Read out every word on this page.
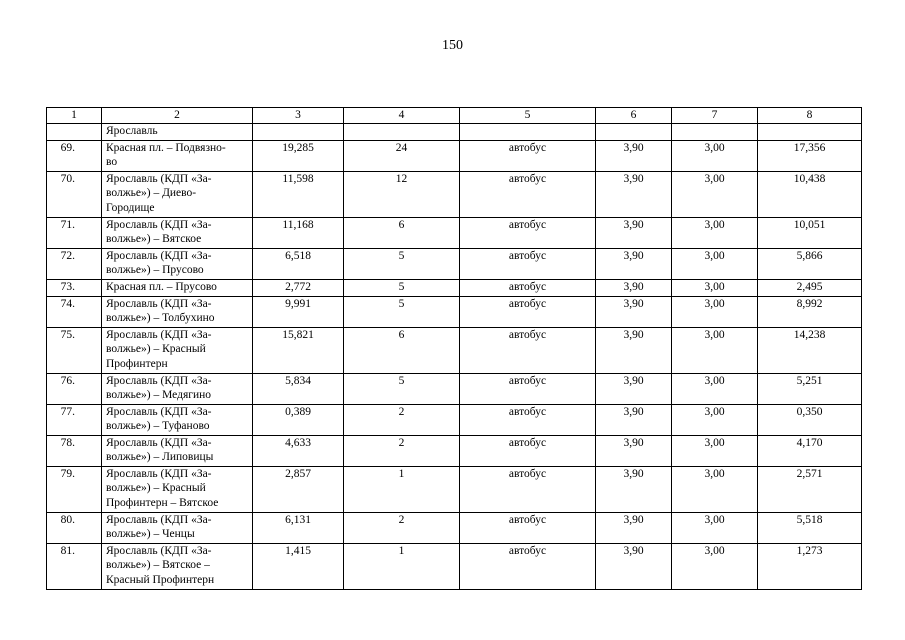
150
1	2	3	4	5	6	7	8
	Ярославль						
69.	Красная пл. – Подвязно-
во	19,285	24	автобус	3,90	3,00	17,356
70.	Ярославль (КДП «За-
волжье») – Диево-
Городище	11,598	12	автобус	3,90	3,00	10,438
71.	Ярославль (КДП «За-
волжье») – Вятское	11,168	6	автобус	3,90	3,00	10,051
72.	Ярославль (КДП «За-
волжье») – Прусово	6,518	5	автобус	3,90	3,00	5,866
73.	Красная пл. – Прусово	2,772	5	автобус	3,90	3,00	2,495
74.	Ярославль (КДП «За-
волжье») – Толбухино	9,991	5	автобус	3,90	3,00	8,992
75.	Ярославль (КДП «За-
волжье») – Красный
Профинтерн	15,821	6	автобус	3,90	3,00	14,238
76.	Ярославль (КДП «За-
волжье») – Медягино	5,834	5	автобус	3,90	3,00	5,251
77.	Ярославль (КДП «За-
волжье») – Туфаново	0,389	2	автобус	3,90	3,00	0,350
78.	Ярославль (КДП «За-
волжье») – Липовицы	4,633	2	автобус	3,90	3,00	4,170
79.	Ярославль (КДП «За-
волжье») – Красный
Профинтерн – Вятское	2,857	1	автобус	3,90	3,00	2,571
80.	Ярославль (КДП «За-
волжье») – Ченцы	6,131	2	автобус	3,90	3,00	5,518
81.	Ярославль (КДП «За-
волжье») – Вятское –
Красный Профинтерн	1,415	1	автобус	3,90	3,00	1,273
